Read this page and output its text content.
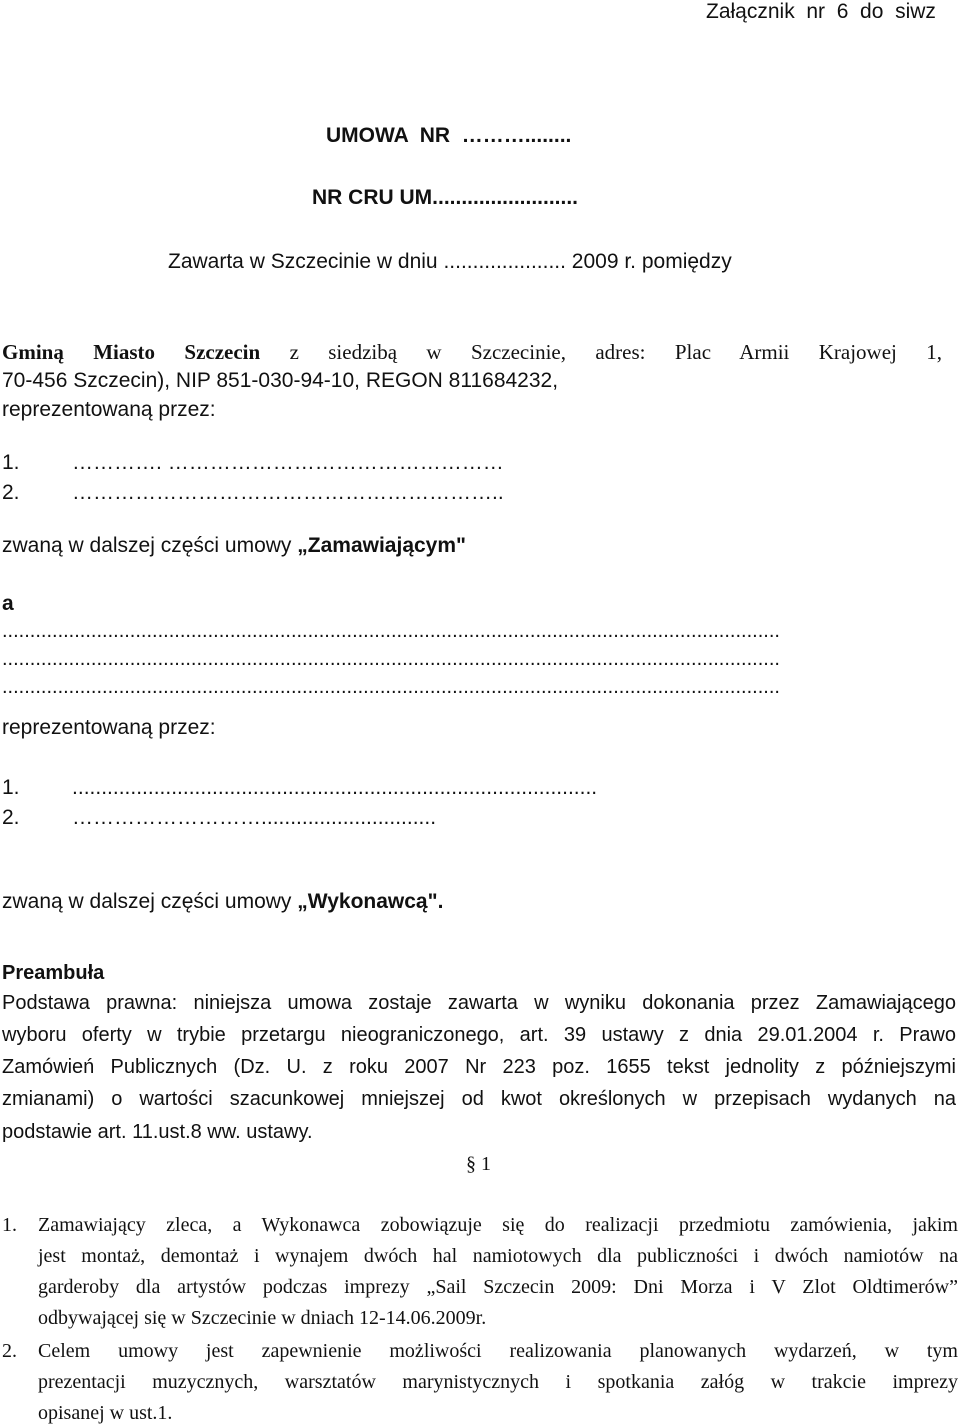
Załącznik  nr  6  do  siwz
UMOWA  NR  ………........
NR CRU UM.........................
Zawarta w Szczecinie w dniu ..................... 2009 r. pomiędzy
Gminą Miasto Szczecin z siedzibą w Szczecinie, adres: Plac Armii Krajowej 1,
70-456 Szczecin), NIP 851-030-94-10, REGON 811684232,
reprezentowaną przez:
1.         …………. …………………………………………
2.         ……………………………………………………..
zwaną w dalszej części umowy „Zamawiającym"
a
............................................................................................................................................
............................................................................................................................................
............................................................................................................................................
reprezentowaną przez:
1.         ..........................................................................................
2.         ………………………..............................
zwaną w dalszej części umowy „Wykonawcą".
Preambuła
Podstawa prawna: niniejsza umowa zostaje zawarta w wyniku dokonania przez Zamawiającego
wyboru oferty w trybie przetargu nieograniczonego, art. 39 ustawy z dnia 29.01.2004 r. Prawo
Zamówień Publicznych (Dz. U. z roku 2007 Nr 223 poz. 1655 tekst jednolity z późniejszymi
zmianami) o wartości szacunkowej mniejszej od kwot określonych w przepisach wydanych na
podstawie art. 11.ust.8 ww. ustawy.
§ 1
1. Zamawiający zleca, a Wykonawca zobowiązuje się do realizacji przedmiotu zamówienia, jakim
jest montaż, demontaż i wynajem dwóch hal namiotowych dla publiczności i dwóch namiotów na
garderoby dla artystów podczas imprezy „Sail Szczecin 2009: Dni Morza i V Zlot Oldtimerów”
odbywającej się w Szczecinie w dniach 12-14.06.2009r.
2. Celem umowy jest zapewnienie możliwości realizowania planowanych wydarzeń, w tym
prezentacji muzycznych, warsztatów marynistycznych i spotkania załóg w trakcie imprezy
opisanej w ust.1.
